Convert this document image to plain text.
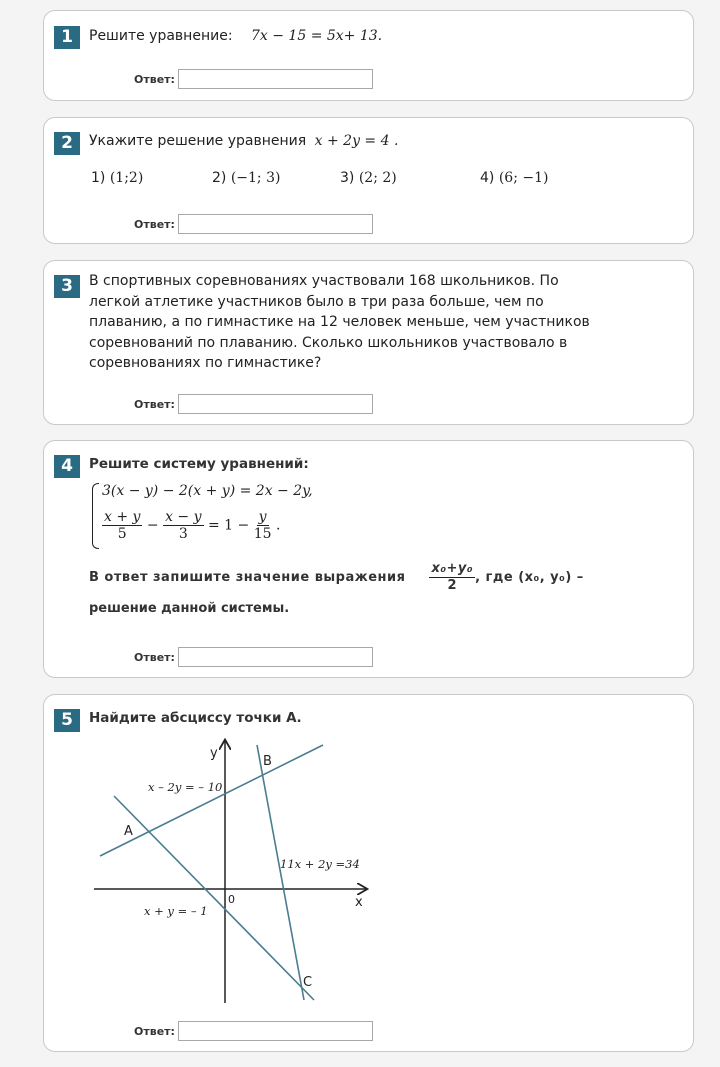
1	Решите уравнение: 7x − 15 = 5x+ 13.
Ответ:
2	Укажите решение уравнения x + 2y = 4 .
1) (1;2)	2) (−1; 3)	3) (2; 2)	4) (6; −1)
Ответ:
3	В спортивных соревнованиях участвовали 168 школьников. По
легкой атлетике участников было в три раза больше, чем по
плаванию, а по гимнастике на 12 человек меньше, чем участников
соревнований по плаванию. Сколько школьников участвовало в
соревнованиях по гимнастике?
Ответ:
4	Решите систему уравнений:
3(x − y) − 2(x + y) = 2x − 2y,
$\frac{x + y}{5} - \frac{x - y}{3} = 1 - \frac{y}{15}$ .
В ответ запишите значение выражения $\frac{\text{x₀+y₀}}{2}$ , где (x₀, y₀) –
решение данной системы.
Ответ:
5	Найдите абсциссу точки А.
y
x
0
A
B
C
x – 2y = – 10
x + y = – 1
11x + 2y =34
Ответ:
